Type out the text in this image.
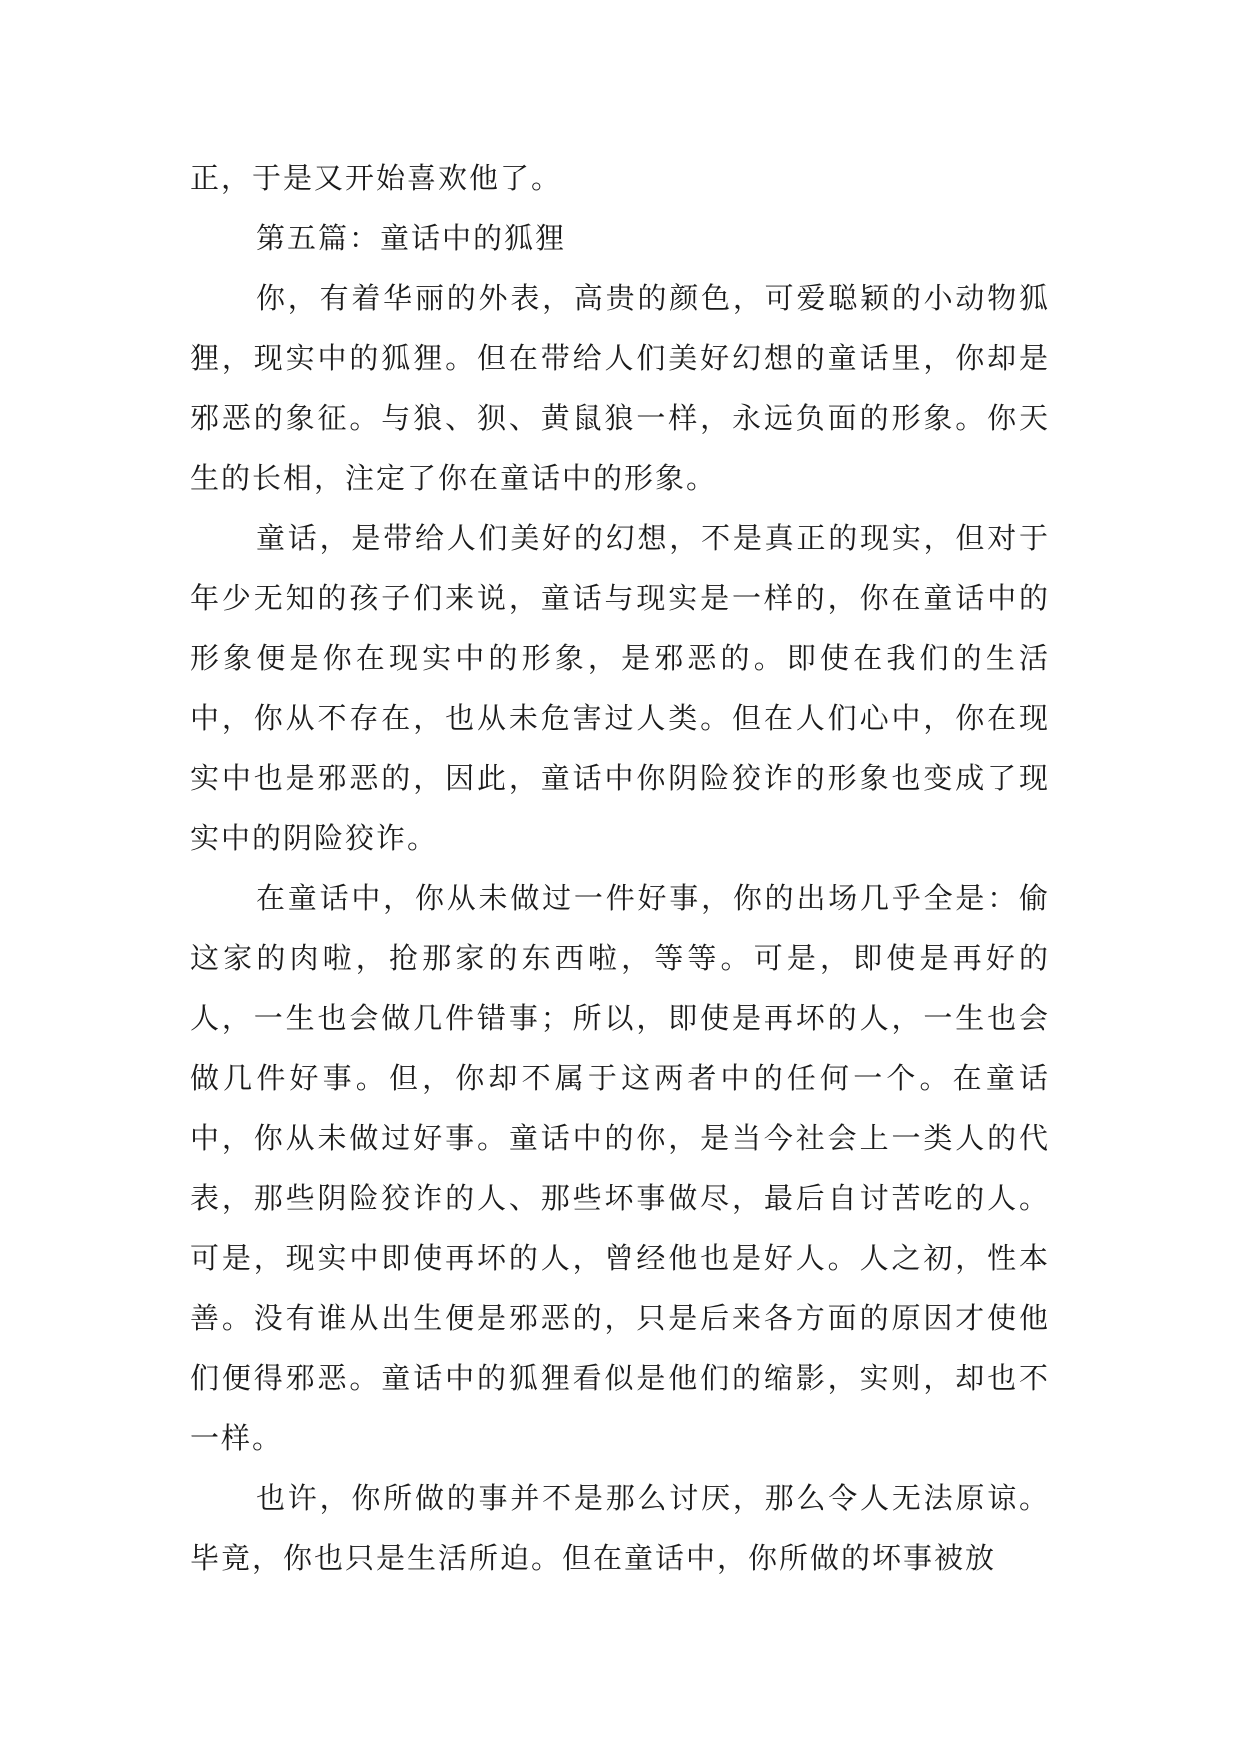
正，于是又开始喜欢他了。

第五篇：童话中的狐狸

你，有着华丽的外表，高贵的颜色，可爱聪颖的小动物狐狸，现实中的狐狸。但在带给人们美好幻想的童话里，你却是邪恶的象征。与狼、狈、黄鼠狼一样，永远负面的形象。你天生的长相，注定了你在童话中的形象。

童话，是带给人们美好的幻想，不是真正的现实，但对于年少无知的孩子们来说，童话与现实是一样的，你在童话中的形象便是你在现实中的形象，是邪恶的。即使在我们的生活中，你从不存在，也从未危害过人类。但在人们心中，你在现实中也是邪恶的，因此，童话中你阴险狡诈的形象也变成了现实中的阴险狡诈。

在童话中，你从未做过一件好事，你的出场几乎全是：偷这家的肉啦，抢那家的东西啦，等等。可是，即使是再好的人，一生也会做几件错事；所以，即使是再坏的人，一生也会做几件好事。但，你却不属于这两者中的任何一个。在童话中，你从未做过好事。童话中的你，是当今社会上一类人的代表，那些阴险狡诈的人、那些坏事做尽，最后自讨苦吃的人。可是，现实中即使再坏的人，曾经他也是好人。人之初，性本善。没有谁从出生便是邪恶的，只是后来各方面的原因才使他们便得邪恶。童话中的狐狸看似是他们的缩影，实则，却也不一样。

也许，你所做的事并不是那么讨厌，那么令人无法原谅。毕竟，你也只是生活所迫。但在童话中，你所做的坏事被放
